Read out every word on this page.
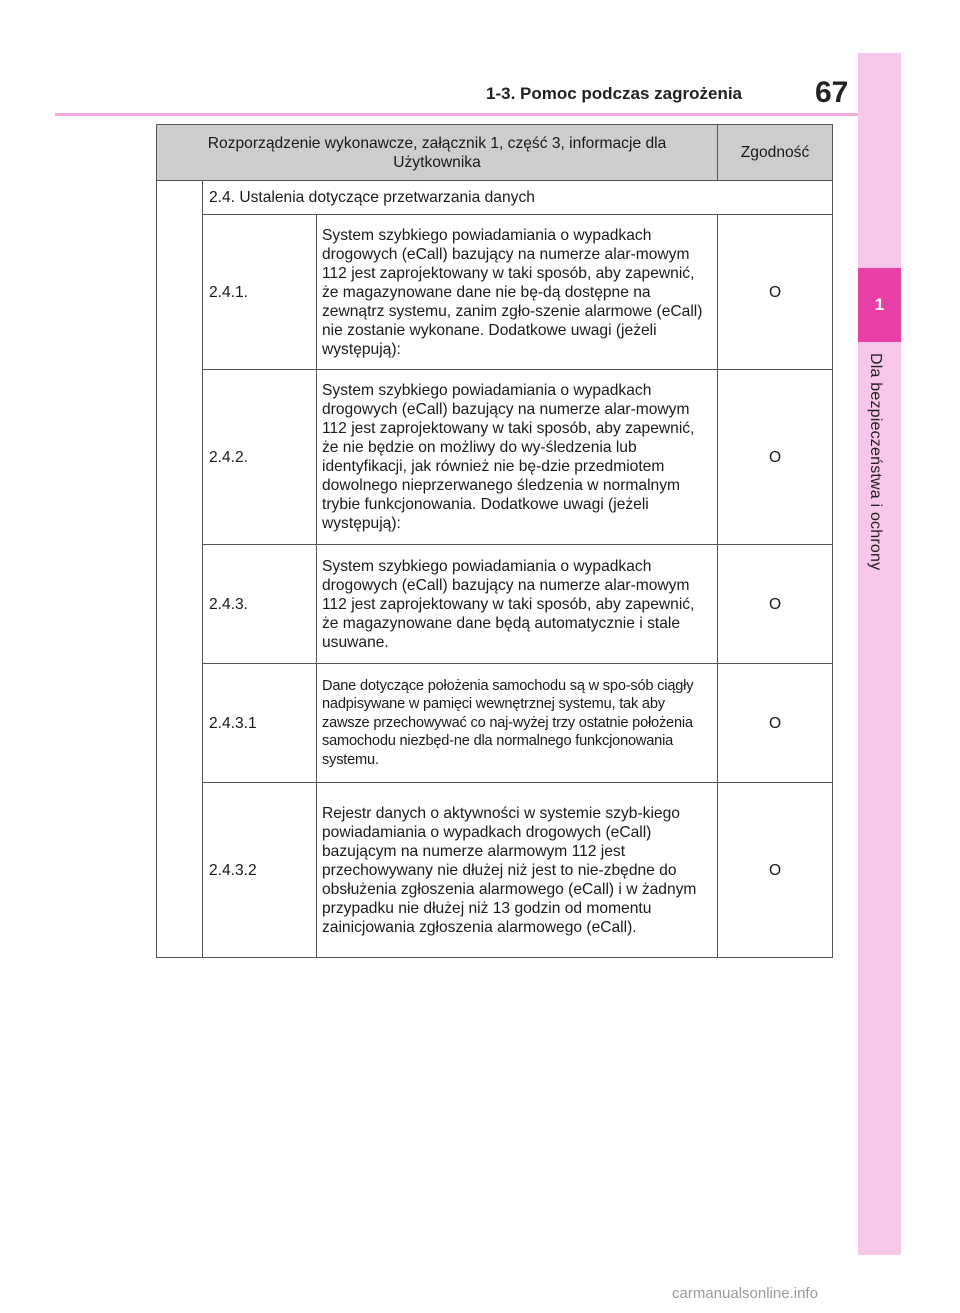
1
Dla bezpieczeństwa i ochrony
1-3. Pomoc podczas zagrożenia 67
Rozporządzenie wykonawcze, załącznik 1, część 3, informacje dla Użytkownika			Zgodność
	2.4. Ustalenia dotyczące przetwarzania danych		
	2.4.1.	System szybkiego powiadamiania o wypadkach drogowych (eCall) bazujący na numerze alar-mowym 112 jest zaprojektowany w taki sposób, aby zapewnić, że magazynowane dane nie bę-dą dostępne na zewnątrz systemu, zanim zgło-szenie alarmowe (eCall) nie zostanie wykonane. Dodatkowe uwagi (jeżeli występują):	O
	2.4.2.	System szybkiego powiadamiania o wypadkach drogowych (eCall) bazujący na numerze alar-mowym 112 jest zaprojektowany w taki sposób, aby zapewnić, że nie będzie on możliwy do wy-śledzenia lub identyfikacji, jak również nie bę-dzie przedmiotem dowolnego nieprzerwanego śledzenia w normalnym trybie funkcjonowania. Dodatkowe uwagi (jeżeli występują):	O
	2.4.3.	System szybkiego powiadamiania o wypadkach drogowych (eCall) bazujący na numerze alar-mowym 112 jest zaprojektowany w taki sposób, aby zapewnić, że magazynowane dane będą automatycznie i stale usuwane.	O
	2.4.3.1	Dane dotyczące położenia samochodu są w spo-sób ciągły nadpisywane w pamięci wewnętrznej systemu, tak aby zawsze przechowywać co naj-wyżej trzy ostatnie położenia samochodu niezbęd-ne dla normalnego funkcjonowania systemu.	O
	2.4.3.2	Rejestr danych o aktywności w systemie szyb-kiego powiadamiania o wypadkach drogowych (eCall) bazującym na numerze alarmowym 112 jest przechowywany nie dłużej niż jest to nie-zbędne do obsłużenia zgłoszenia alarmowego (eCall) i w żadnym przypadku nie dłużej niż 13 godzin od momentu zainicjowania zgłoszenia alarmowego (eCall).	O
carmanualsonline.info
